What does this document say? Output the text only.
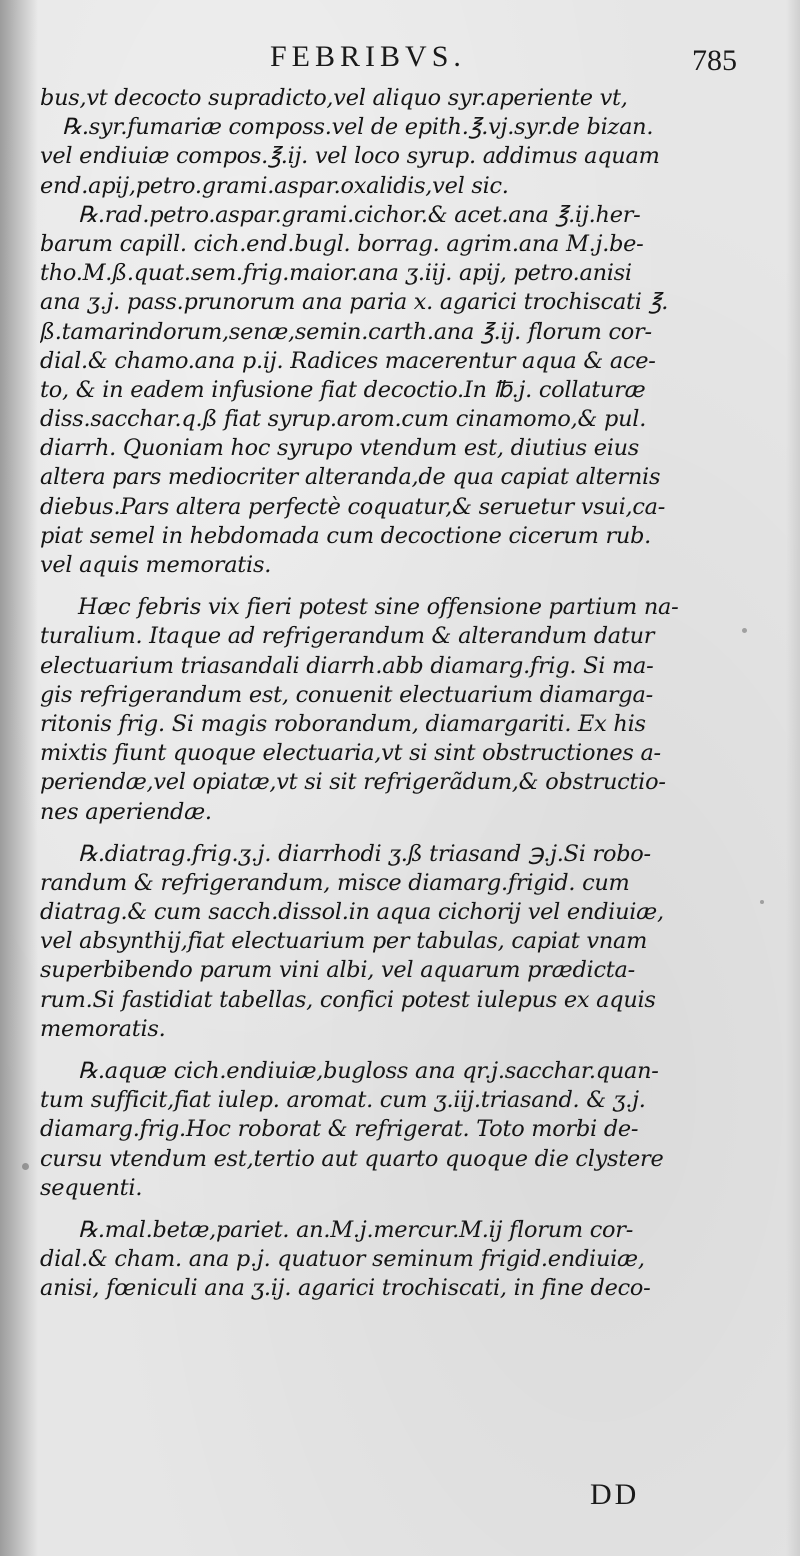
FEBRIBVS.	785
bus,vt decocto supradicto,vel aliquo syr.aperiente vt,
℞.syr.fumariæ composs.vel de epith.℥.vj.syr.de bizan.
vel endiuiæ compos.℥.ij. vel loco syrup. addimus aquam
end.apij,petro.grami.aspar.oxalidis,vel sic.
℞.rad.petro.aspar.grami.cichor.& acet.ana ℥.ij.her-
barum capill. cich.end.bugl. borrag. agrim.ana M.j.be-
tho.M.ß.quat.sem.frig.maior.ana ʒ.iij. apij, petro.anisi
ana ʒ.j. pass.prunorum ana paria x. agarici trochiscati ℥.
ß.tamarindorum,senæ,semin.carth.ana ℥.ij. florum cor-
dial.& chamo.ana p.ij. Radices macerentur aqua & ace-
to, & in eadem infusione fiat decoctio.In ℔.j. collaturæ
diss.sacchar.q.ß fiat syrup.arom.cum cinamomo,& pul.
diarrh. Quoniam hoc syrupo vtendum est, diutius eius
altera pars mediocriter alteranda,de qua capiat alternis
diebus.Pars altera perfectè coquatur,& seruetur vsui,ca-
piat semel in hebdomada cum decoctione cicerum rub.
vel aquis memoratis.
Hæc febris vix fieri potest sine offensione partium na-
turalium. Itaque ad refrigerandum & alterandum datur
electuarium triasandali diarrh.abb diamarg.frig. Si ma-
gis refrigerandum est, conuenit electuarium diamarga-
ritonis frig. Si magis roborandum, diamargariti. Ex his
mixtis fiunt quoque electuaria,vt si sint obstructiones a-
periendæ,vel opiatæ,vt si sit refrigerãdum,& obstructio-
nes aperiendæ.
℞.diatrag.frig.ʒ.j. diarrhodi ʒ.ß triasand ℈.j.Si robo-
randum & refrigerandum, misce diamarg.frigid. cum
diatrag.& cum sacch.dissol.in aqua cichorij vel endiuiæ,
vel absynthij,fiat electuarium per tabulas, capiat vnam
superbibendo parum vini albi, vel aquarum prædicta-
rum.Si fastidiat tabellas, confici potest iulepus ex aquis
memoratis.
℞.aquæ cich.endiuiæ,bugloss ana qr.j.sacchar.quan-
tum sufficit,fiat iulep. aromat. cum ʒ.iij.triasand. & ʒ.j.
diamarg.frig.Hoc roborat & refrigerat. Toto morbi de-
cursu vtendum est,tertio aut quarto quoque die clystere
sequenti.
℞.mal.betæ,pariet. an.M.j.mercur.M.ij florum cor-
dial.& cham. ana p.j. quatuor seminum frigid.endiuiæ,
anisi, fœniculi ana ʒ.ij. agarici trochiscati, in fine deco-
DD
